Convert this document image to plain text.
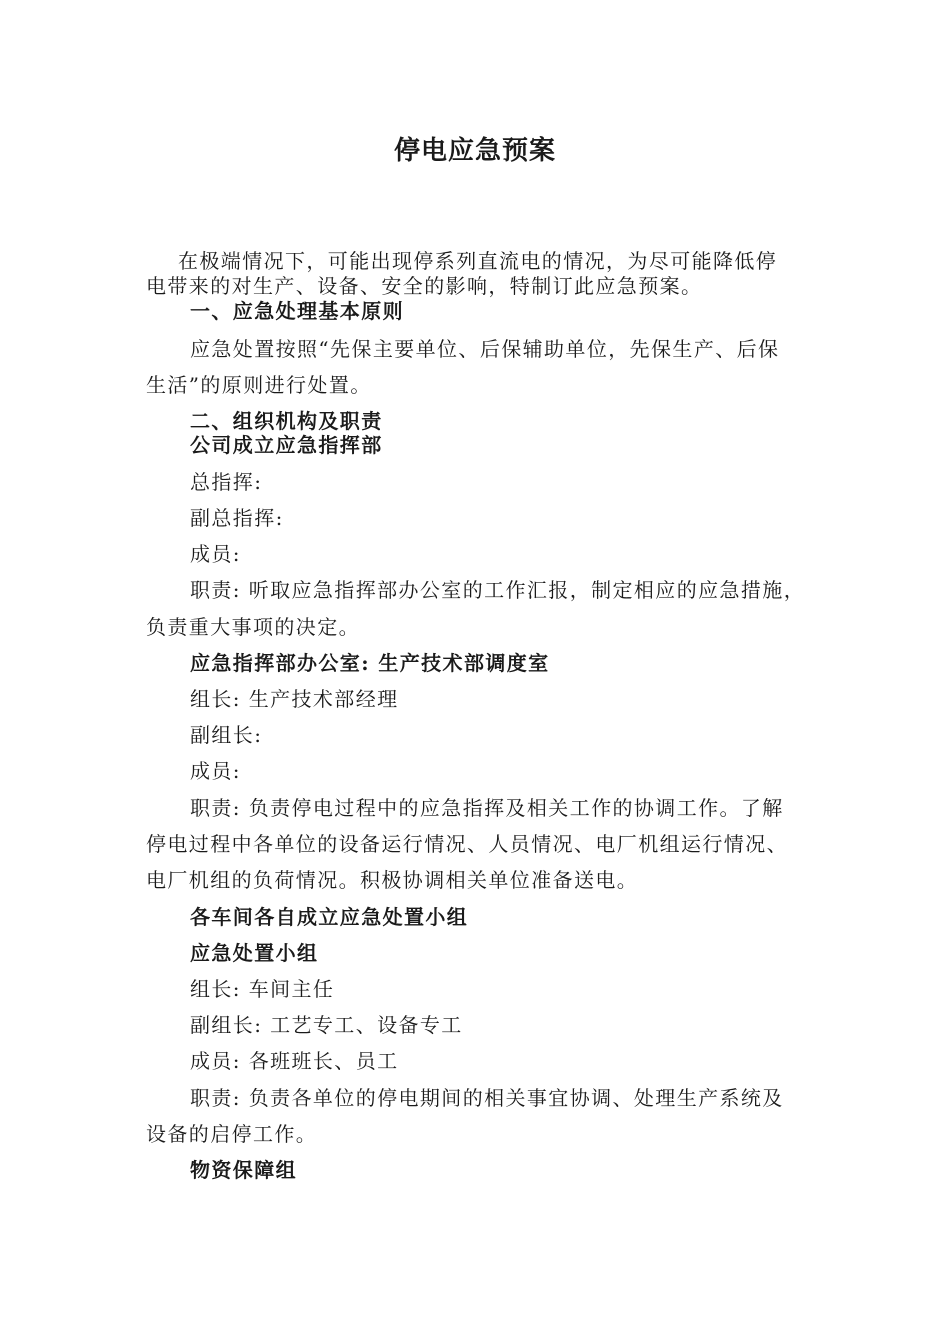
停电应急预案
在极端情况下，可能出现停系列直流电的情况，为尽可能降低停
电带来的对生产、设备、安全的影响，特制订此应急预案。
一、应急处理基本原则
应急处置按照“先保主要单位、后保辅助单位，先保生产、后保
生活”的原则进行处置。
二、组织机构及职责
公司成立应急指挥部
总指挥:
副总指挥:
成员:
职责: 听取应急指挥部办公室的工作汇报，制定相应的应急措施，
负责重大事项的决定。
应急指挥部办公室: 生产技术部调度室
组长: 生产技术部经理
副组长:
成员:
职责: 负责停电过程中的应急指挥及相关工作的协调工作。了解
停电过程中各单位的设备运行情况、人员情况、电厂机组运行情况、
电厂机组的负荷情况。积极协调相关单位准备送电。
各车间各自成立应急处置小组
应急处置小组
组长: 车间主任
副组长: 工艺专工、设备专工
成员: 各班班长、员工
职责: 负责各单位的停电期间的相关事宜协调、处理生产系统及
设备的启停工作。
物资保障组
